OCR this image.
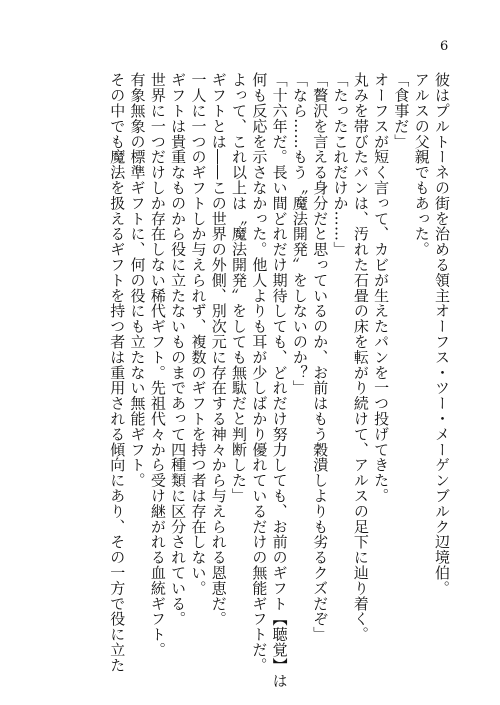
6
彼はプルトーネの街を治める領主オーフス・ツー・メーゲンブルク辺境伯。
アルスの父親でもあった。
「食事だ」
オーフスが短く言って、カビが生えたパンを一つ投げてきた。
丸みを帯びたパンは、汚れた石畳の床を転がり続けて、アルスの足下に辿り着く。
「たったこれだけか……」
「贅沢を言える身分だと思っているのか、お前はもう穀潰しよりも劣るクズだぞ」
「なら……もう〝魔法開発〟をしないのか？」
「十六年だ。長い間どれだけ期待しても、どれだけ努力しても、お前のギフト【聴覚】は
何も反応を示さなかった。他人よりも耳が少しばかり優れているだけの無能ギフトだ。
よって、これ以上は〝魔法開発〟をしても無駄だと判断した」
ギフトとは――この世界の外側、別次元に存在する神々から与えられる恩恵だ。
一人に一つのギフトしか与えられず、複数のギフトを持つ者は存在しない。
ギフトは貴重なものから役に立たないものまであって四種類に区分されている。
世界に一つだけしか存在しない稀代ギフト。先祖代々から受け継がれる血統ギフト。
有象無象の標準ギフトに、何の役にも立たない無能ギフト。
その中でも魔法を扱えるギフトを持つ者は重用される傾向にあり、その一方で役に立た
